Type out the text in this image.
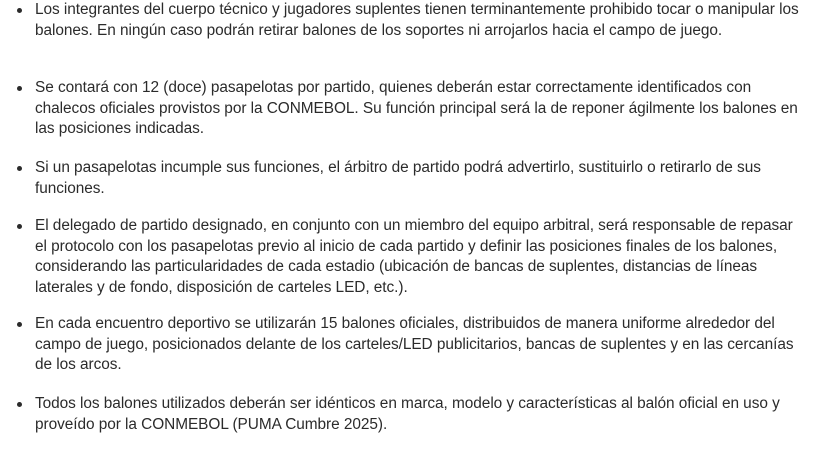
Los integrantes del cuerpo técnico y jugadores suplentes tienen terminantemente prohibido tocar o manipular los balones. En ningún caso podrán retirar balones de los soportes ni arrojarlos hacia el campo de juego.
Se contará con 12 (doce) pasapelotas por partido, quienes deberán estar correctamente identificados con chalecos oficiales provistos por la CONMEBOL. Su función principal será la de reponer ágilmente los balones en las posiciones indicadas.
Si un pasapelotas incumple sus funciones, el árbitro de partido podrá advertirlo, sustituirlo o retirarlo de sus funciones.
El delegado de partido designado, en conjunto con un miembro del equipo arbitral, será responsable de repasar el protocolo con los pasapelotas previo al inicio de cada partido y definir las posiciones finales de los balones, considerando las particularidades de cada estadio (ubicación de bancas de suplentes, distancias de líneas laterales y de fondo, disposición de carteles LED, etc.).
En cada encuentro deportivo se utilizarán 15 balones oficiales, distribuidos de manera uniforme alrededor del campo de juego, posicionados delante de los carteles/LED publicitarios, bancas de suplentes y en las cercanías de los arcos.
Todos los balones utilizados deberán ser idénticos en marca, modelo y características al balón oficial en uso y proveído por la CONMEBOL (PUMA Cumbre 2025).
